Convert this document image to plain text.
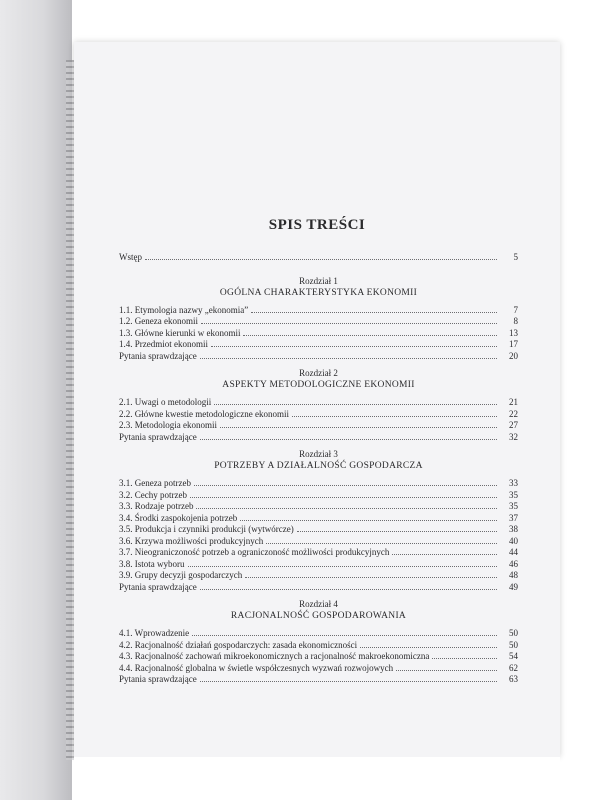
SPIS TREŚCI
Wstęp	5
Rozdział 1
OGÓLNA CHARAKTERYSTYKA EKONOMII
1.1. Etymologia nazwy „ekonomia”	7
1.2. Geneza ekonomii	8
1.3. Główne kierunki w ekonomii	13
1.4. Przedmiot ekonomii	17
Pytania sprawdzające	20
Rozdział 2
ASPEKTY METODOLOGICZNE EKONOMII
2.1. Uwagi o metodologii	21
2.2. Główne kwestie metodologiczne ekonomii	22
2.3. Metodologia ekonomii	27
Pytania sprawdzające	32
Rozdział 3
POTRZEBY A DZIAŁALNOŚĆ GOSPODARCZA
3.1. Geneza potrzeb	33
3.2. Cechy potrzeb	35
3.3. Rodzaje potrzeb	35
3.4. Środki zaspokojenia potrzeb	37
3.5. Produkcja i czynniki produkcji (wytwórcze)	38
3.6. Krzywa możliwości produkcyjnych	40
3.7. Nieograniczoność potrzeb a ograniczoność możliwości produkcyjnych	44
3.8. Istota wyboru	46
3.9. Grupy decyzji gospodarczych	48
Pytania sprawdzające	49
Rozdział 4
RACJONALNOŚĆ GOSPODAROWANIA
4.1. Wprowadzenie	50
4.2. Racjonalność działań gospodarczych: zasada ekonomiczności	50
4.3. Racjonalność zachowań mikroekonomicznych a racjonalność makroekonomiczna	54
4.4. Racjonalność globalna w świetle współczesnych wyzwań rozwojowych	62
Pytania sprawdzające	63
